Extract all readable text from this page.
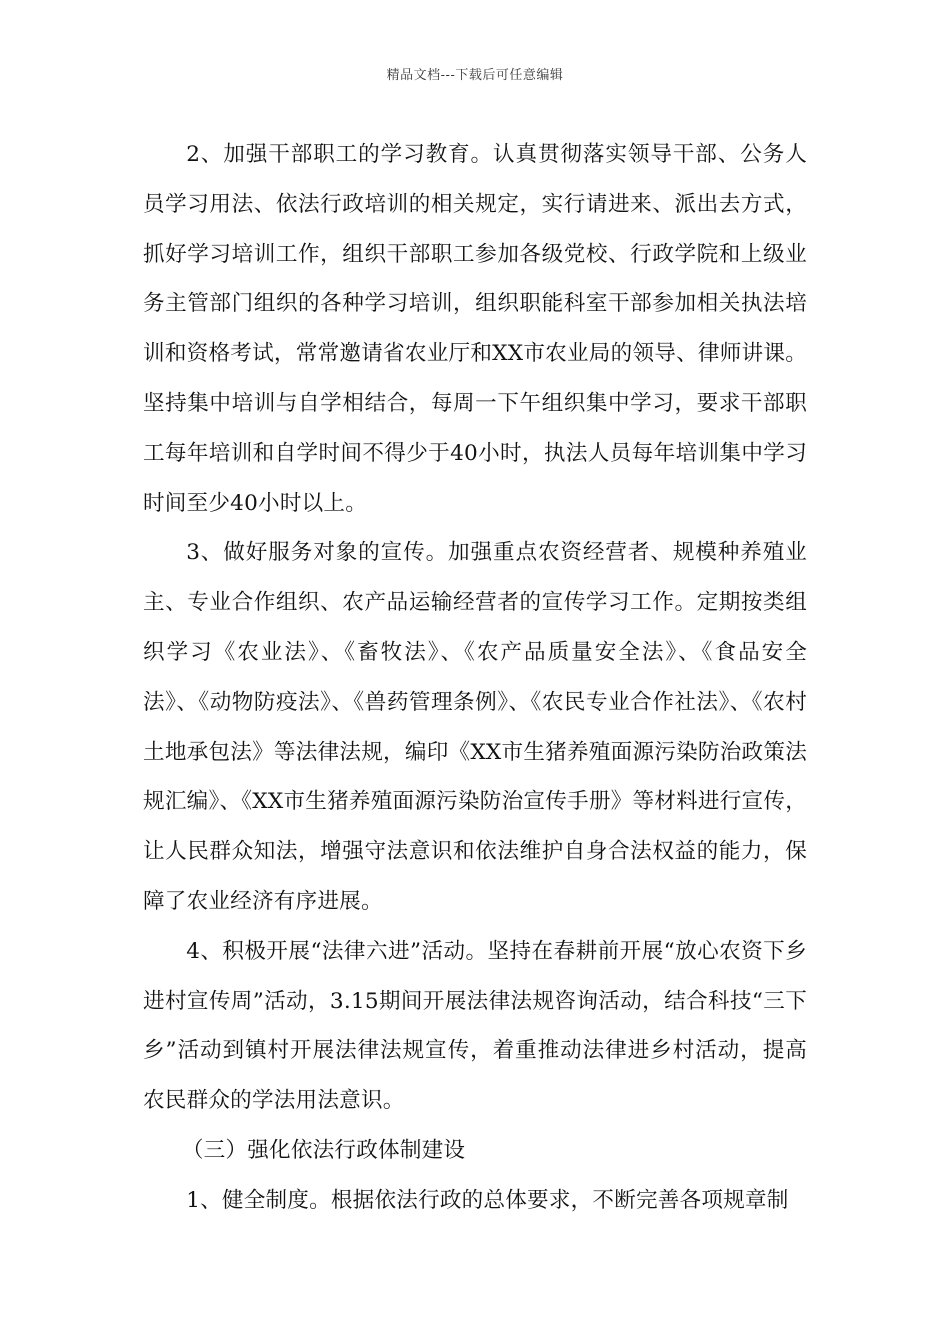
精品文档---下载后可任意编辑

2、加强干部职工的学习教育。认真贯彻落实领导干部、公务人员学习用法、依法行政培训的相关规定，实行请进来、派出去方式，抓好学习培训工作，组织干部职工参加各级党校、行政学院和上级业务主管部门组织的各种学习培训，组织职能科室干部参加相关执法培训和资格考试，常常邀请省农业厅和XX市农业局的领导、律师讲课。坚持集中培训与自学相结合，每周一下午组织集中学习，要求干部职工每年培训和自学时间不得少于40小时，执法人员每年培训集中学习时间至少40小时以上。

3、做好服务对象的宣传。加强重点农资经营者、规模种养殖业主、专业合作组织、农产品运输经营者的宣传学习工作。定期按类组织学习《农业法》、《畜牧法》、《农产品质量安全法》、《食品安全法》、《动物防疫法》、《兽药管理条例》、《农民专业合作社法》、《农村土地承包法》等法律法规，编印《XX市生猪养殖面源污染防治政策法规汇编》、《XX市生猪养殖面源污染防治宣传手册》等材料进行宣传，让人民群众知法，增强守法意识和依法维护自身合法权益的能力，保障了农业经济有序进展。

4、积极开展“法律六进”活动。坚持在春耕前开展“放心农资下乡进村宣传周”活动，3.15期间开展法律法规咨询活动，结合科技“三下乡”活动到镇村开展法律法规宣传，着重推动法律进乡村活动，提高农民群众的学法用法意识。

（三）强化依法行政体制建设

1、健全制度。根据依法行政的总体要求，不断完善各项规章制
